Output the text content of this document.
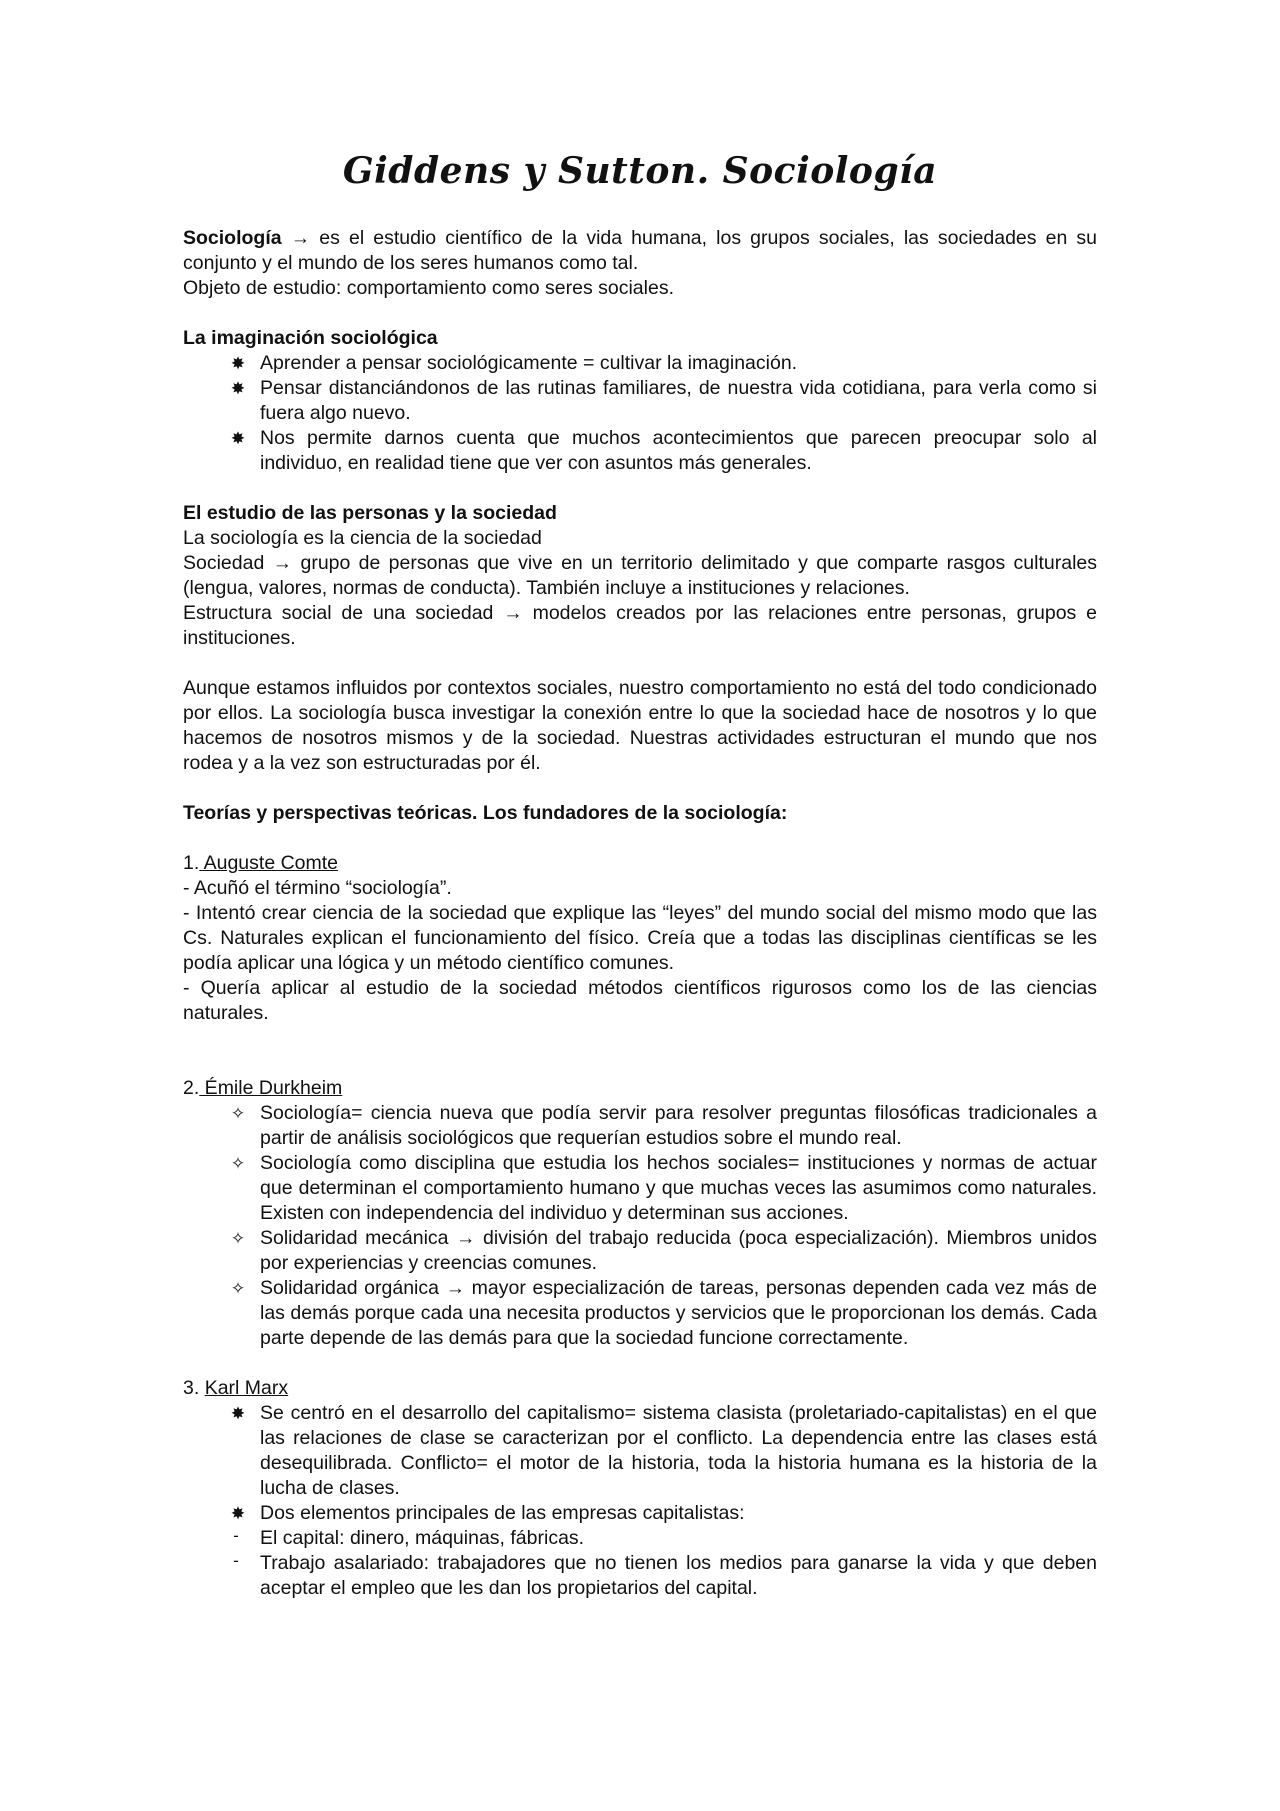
Giddens y Sutton. Sociología

Sociología → es el estudio científico de la vida humana, los grupos sociales, las sociedades en su conjunto y el mundo de los seres humanos como tal.

Objeto de estudio: comportamiento como seres sociales.

La imaginación sociológica

✸ Aprender a pensar sociológicamente = cultivar la imaginación.
✸ Pensar distanciándonos de las rutinas familiares, de nuestra vida cotidiana, para verla como si fuera algo nuevo.
✸ Nos permite darnos cuenta que muchos acontecimientos que parecen preocupar solo al individuo, en realidad tiene que ver con asuntos más generales.

El estudio de las personas y la sociedad

La sociología es la ciencia de la sociedad

Sociedad → grupo de personas que vive en un territorio delimitado y que comparte rasgos culturales (lengua, valores, normas de conducta). También incluye a instituciones y relaciones.

Estructura social de una sociedad → modelos creados por las relaciones entre personas, grupos e instituciones.

Aunque estamos influidos por contextos sociales, nuestro comportamiento no está del todo condicionado por ellos. La sociología busca investigar la conexión entre lo que la sociedad hace de nosotros y lo que hacemos de nosotros mismos y de la sociedad. Nuestras actividades estructuran el mundo que nos rodea y a la vez son estructuradas por él.

Teorías y perspectivas teóricas. Los fundadores de la sociología:

1. Auguste Comte

- Acuñó el término “sociología”.

- Intentó crear ciencia de la sociedad que explique las “leyes” del mundo social del mismo modo que las Cs. Naturales explican el funcionamiento del físico. Creía que a todas las disciplinas científicas se les podía aplicar una lógica y un método científico comunes.

- Quería aplicar al estudio de la sociedad métodos científicos rigurosos como los de las ciencias naturales.

2. Émile Durkheim

✧ Sociología= ciencia nueva que podía servir para resolver preguntas filosóficas tradicionales a partir de análisis sociológicos que requerían estudios sobre el mundo real.
✧ Sociología como disciplina que estudia los hechos sociales= instituciones y normas de actuar que determinan el comportamiento humano y que muchas veces las asumimos como naturales. Existen con independencia del individuo y determinan sus acciones.
✧ Solidaridad mecánica → división del trabajo reducida (poca especialización). Miembros unidos por experiencias y creencias comunes.
✧ Solidaridad orgánica → mayor especialización de tareas, personas dependen cada vez más de las demás porque cada una necesita productos y servicios que le proporcionan los demás. Cada parte depende de las demás para que la sociedad funcione correctamente.

3. Karl Marx

✸ Se centró en el desarrollo del capitalismo= sistema clasista (proletariado-capitalistas) en el que las relaciones de clase se caracterizan por el conflicto. La dependencia entre las clases está desequilibrada. Conflicto= el motor de la historia, toda la historia humana es la historia de la lucha de clases.
✸ Dos elementos principales de las empresas capitalistas:
-	El capital: dinero, máquinas, fábricas.
-	Trabajo asalariado: trabajadores que no tienen los medios para ganarse la vida y que deben aceptar el empleo que les dan los propietarios del capital.
